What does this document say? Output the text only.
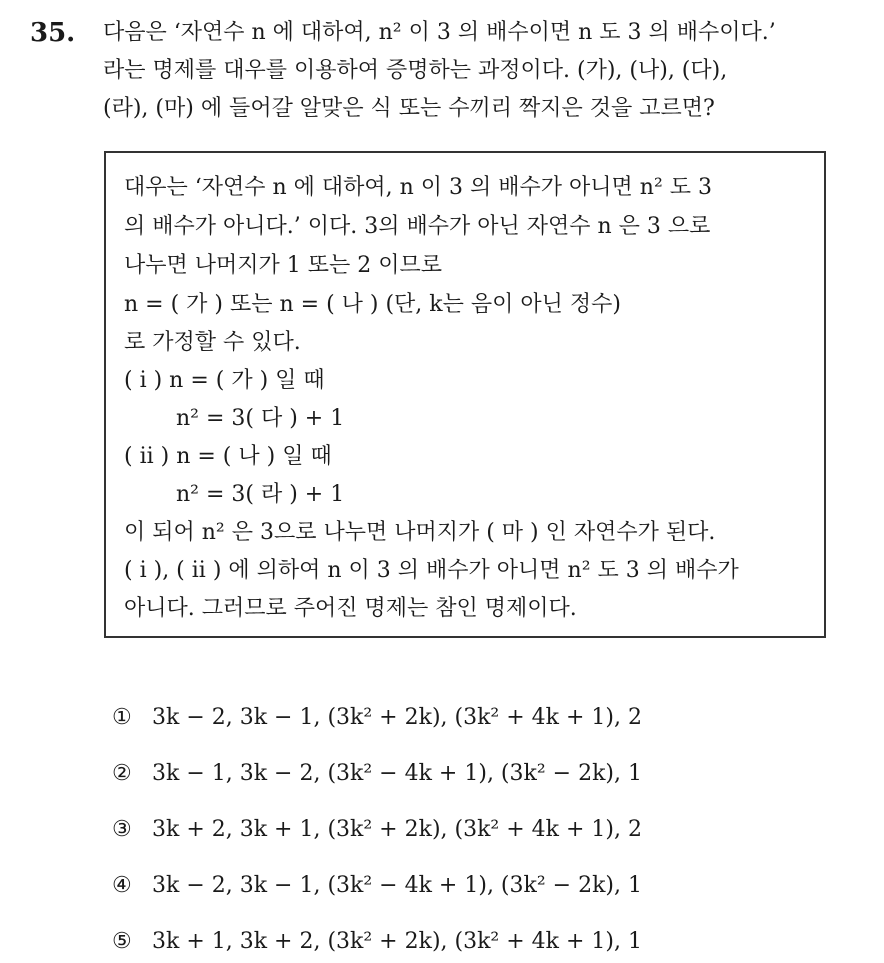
35. 다음은 ‘자연수 n 에 대하여, n² 이 3 의 배수이면 n 도 3 의 배수이다.’
라는 명제를 대우를 이용하여 증명하는 과정이다. (가), (나), (다),
(라), (마) 에 들어갈 알맞은 식 또는 수끼리 짝지은 것을 고르면?
대우는 ‘자연수 n 에 대하여, n 이 3 의 배수가 아니면 n² 도 3
의 배수가 아니다.’ 이다. 3의 배수가 아닌 자연수 n 은 3 으로
나누면 나머지가 1 또는 2 이므로
n = ( 가 ) 또는 n = ( 나 ) (단, k는 음이 아닌 정수)
로 가정할 수 있다.
( i ) n = ( 가 ) 일 때
n² = 3( 다 ) + 1
( ii ) n = ( 나 ) 일 때
n² = 3( 라 ) + 1
이 되어 n² 은 3으로 나누면 나머지가 ( 마 ) 인 자연수가 된다.
( i ), ( ii ) 에 의하여 n 이 3 의 배수가 아니면 n² 도 3 의 배수가
아니다. 그러므로 주어진 명제는 참인 명제이다.
① 3k − 2, 3k − 1, (3k² + 2k), (3k² + 4k + 1), 2
② 3k − 1, 3k − 2, (3k² − 4k + 1), (3k² − 2k), 1
③ 3k + 2, 3k + 1, (3k² + 2k), (3k² + 4k + 1), 2
④ 3k − 2, 3k − 1, (3k² − 4k + 1), (3k² − 2k), 1
⑤ 3k + 1, 3k + 2, (3k² + 2k), (3k² + 4k + 1), 1
